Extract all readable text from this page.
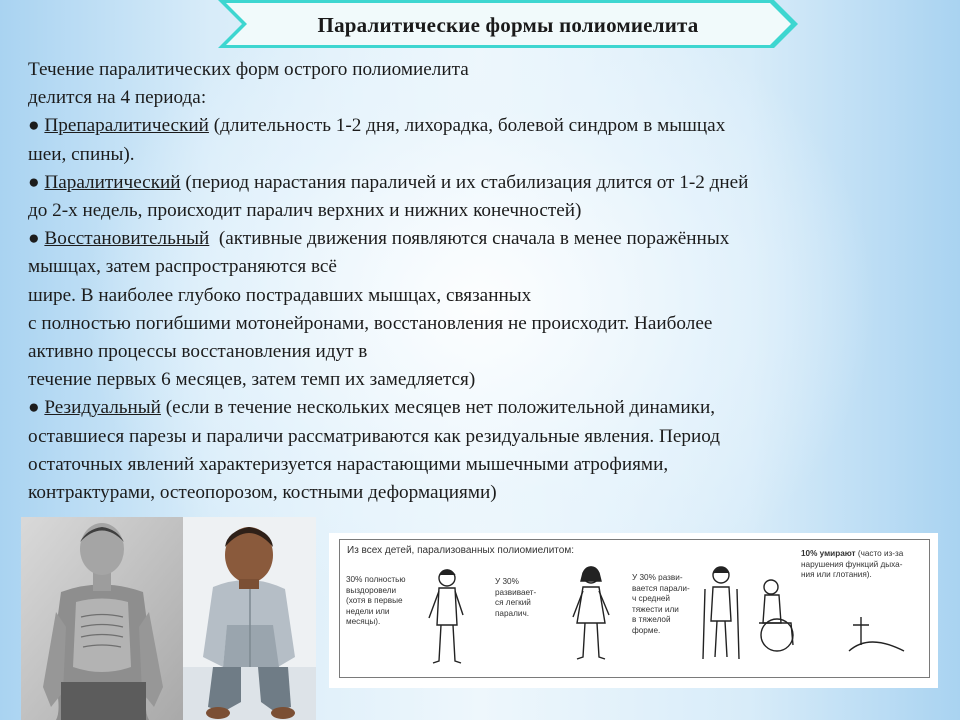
Паралитические формы полиомиелита

Течение паралитических форм острого полиомиелита

делится на 4 периода:

● Препаралитический (длительность 1-2 дня, лихорадка, болевой синдром в мышцах

шеи, спины).

● Паралитический (период нарастания параличей и их стабилизация длится от 1-2 дней

до 2-х недель, происходит паралич верхних и нижних конечностей)

● Восстановительный  (активные движения появляются сначала в менее поражённых

мышцах, затем распространяются всё

шире. В наиболее глубоко пострадавших мышцах, связанных

с полностью погибшими мотонейронами, восстановления не происходит. Наиболее

активно процессы восстановления идут в

течение первых 6 месяцев, затем темп их замедляется)

● Резидуальный (если в течение нескольких месяцев нет положительной динамики,

оставшиеся парезы и параличи рассматриваются как резидуальные явления. Период

остаточных явлений характеризуется нарастающими мышечными атрофиями,

контрактурами, остеопорозом, костными деформациями)

Из всех детей, парализованных полиомиелитом:
30% полностью
выздоровели
(хотя в первые
недели или
месяцы).
У 30%
развивает-
ся легкий
паралич.
У 30% разви-
вается парали-
ч средней
тяжести или
в тяжелой
форме.
10% умирают (часто из-за
нарушения функций дыха-
ния или глотания).
